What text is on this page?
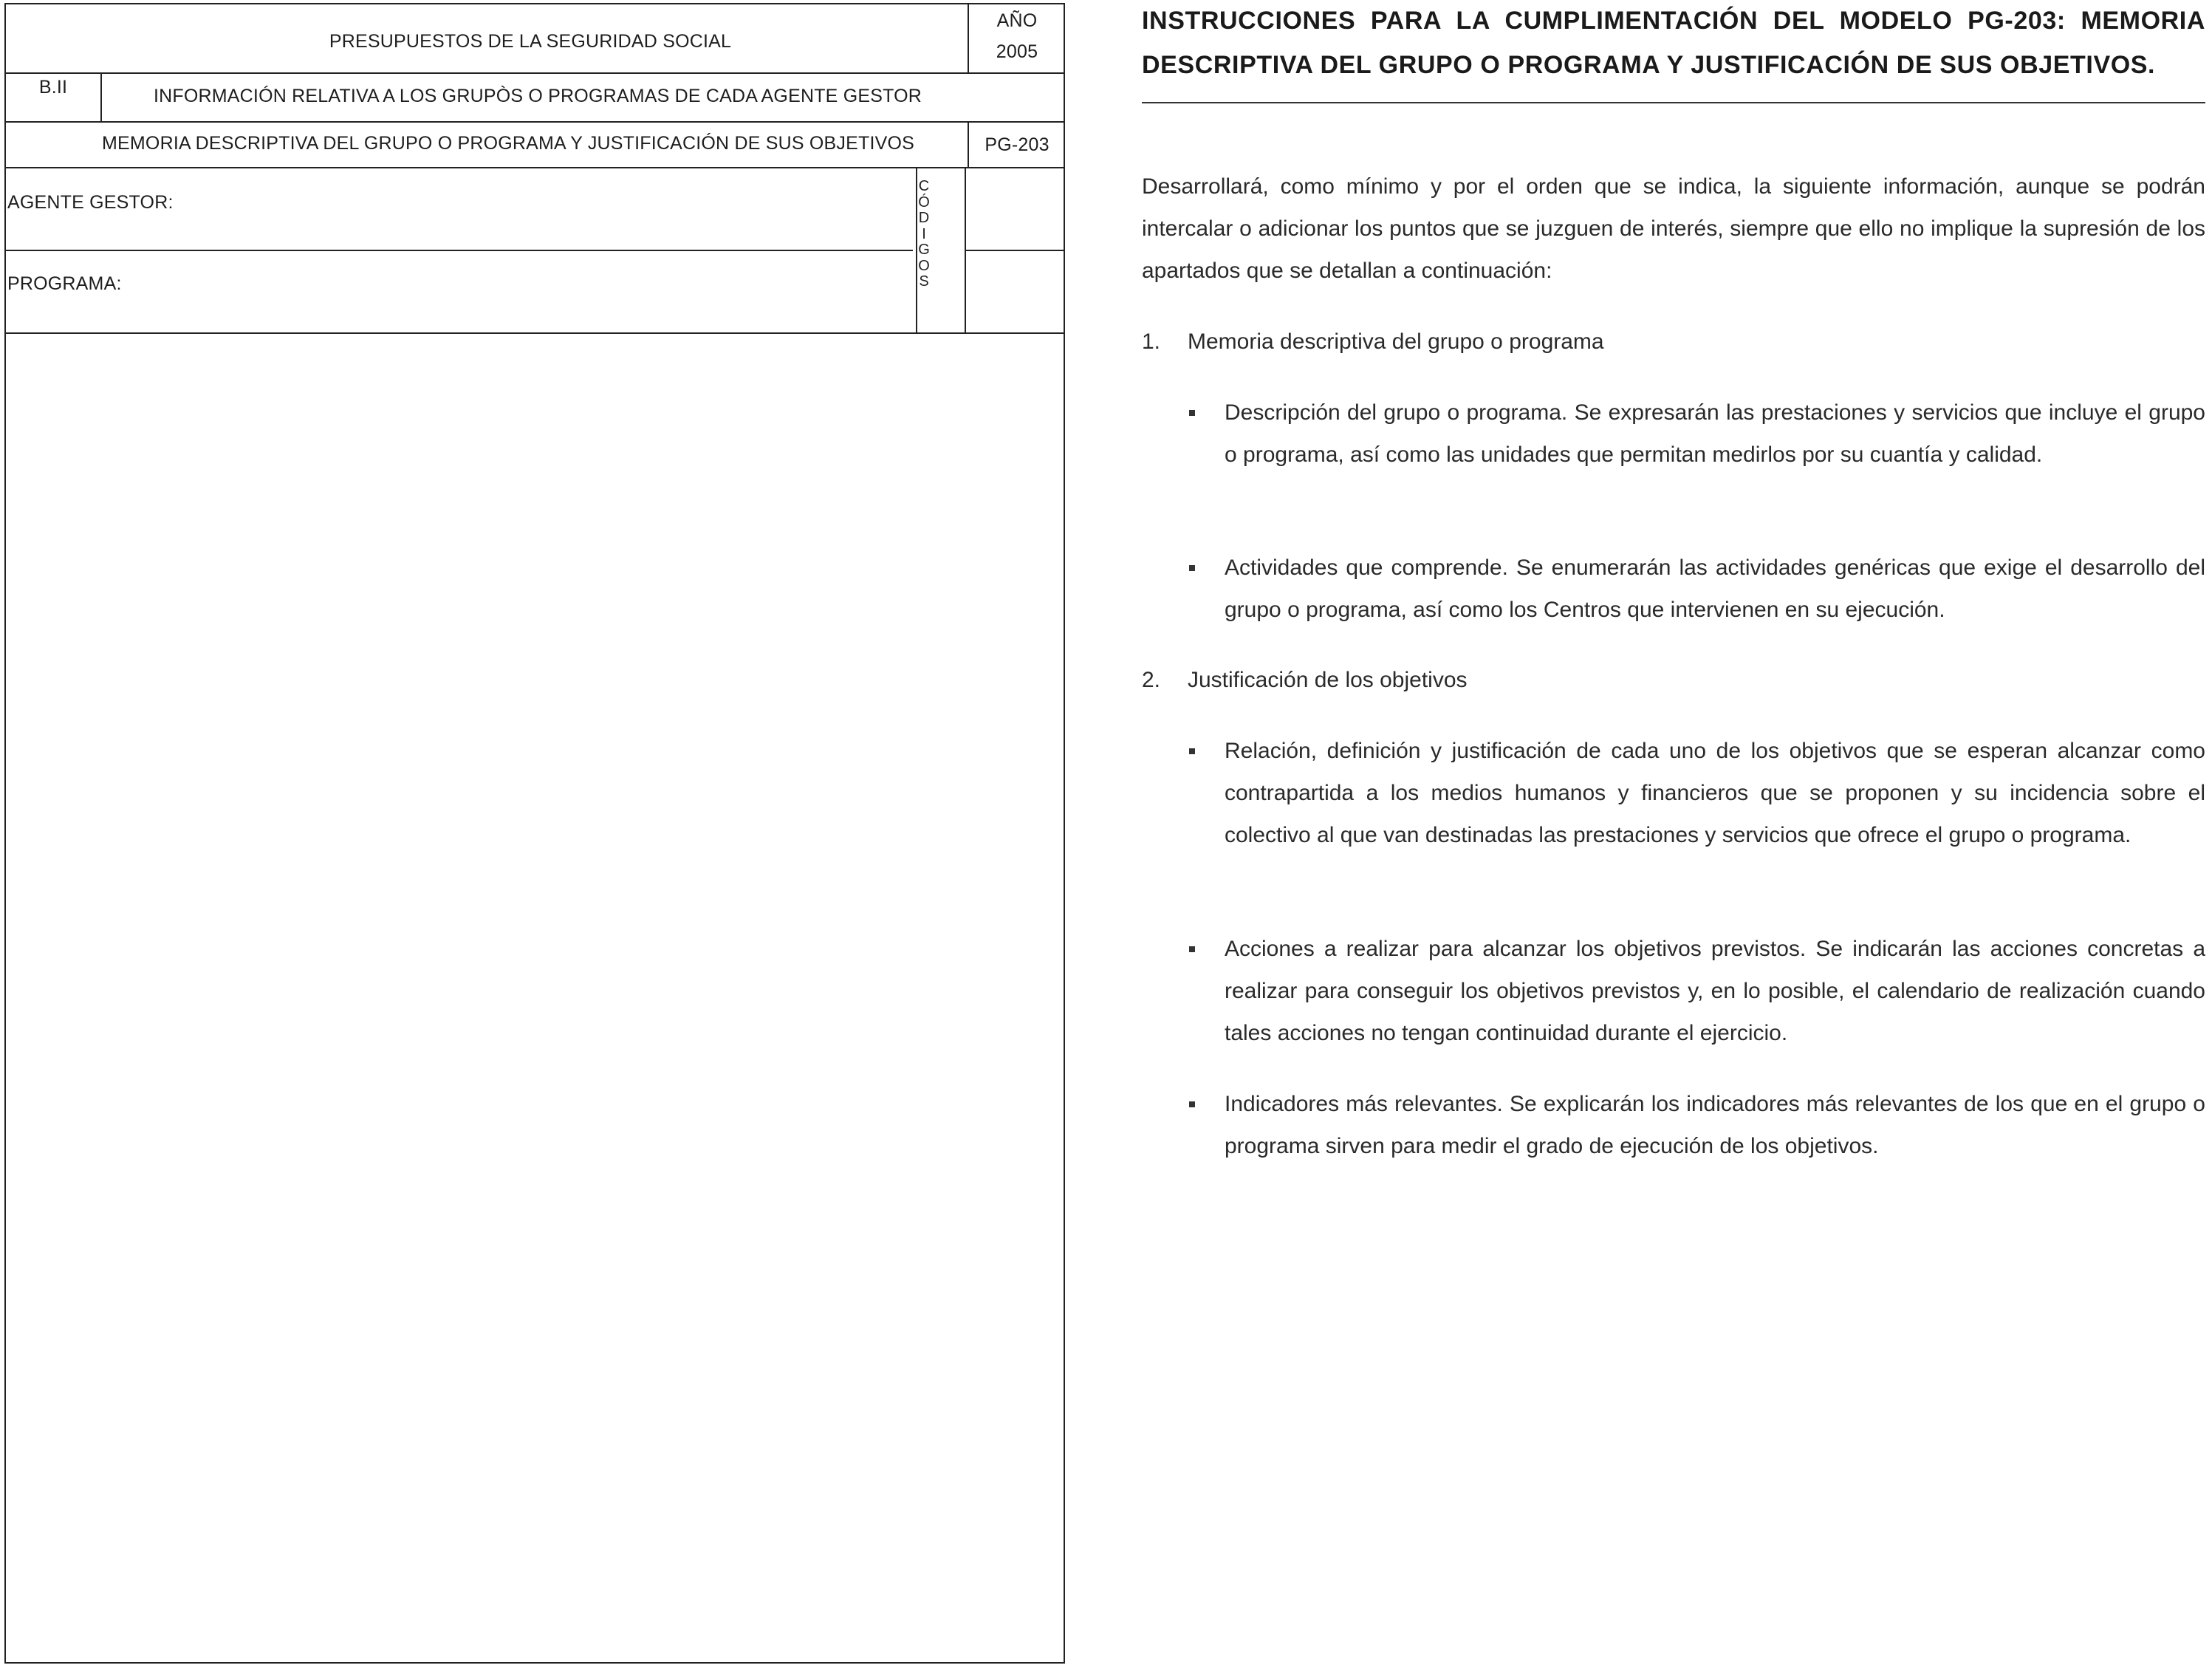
PRESUPUESTOS DE LA SEGURIDAD SOCIAL
AÑO
2005
B.II	INFORMACIÓN RELATIVA A LOS GRUPÒS O PROGRAMAS DE CADA AGENTE GESTOR
MEMORIA DESCRIPTIVA DEL GRUPO O PROGRAMA Y JUSTIFICACIÓN DE SUS OBJETIVOS	PG-203
AGENTE GESTOR:
PROGRAMA:
C
Ó
D
I
G
O
S
INSTRUCCIONES PARA LA CUMPLIMENTACIÓN DEL MODELO PG-203: MEMORIA DESCRIPTIVA DEL GRUPO O PROGRAMA Y JUSTIFICACIÓN DE SUS OBJETIVOS.
Desarrollará, como mínimo y por el orden que se indica, la siguiente información, aunque se podrán intercalar o adicionar los puntos que se juzguen de interés, siempre que ello no implique la supresión de los apartados que se detallan a continuación:
1. Memoria descriptiva del grupo o programa
Descripción del grupo o programa. Se expresarán las prestaciones y servicios que incluye el grupo o programa, así como las unidades que permitan medirlos por su cuantía y calidad.
Actividades que comprende. Se enumerarán las actividades genéricas que exige el desarrollo del grupo o programa, así como los Centros que intervienen en su ejecución.
2. Justificación de los objetivos
Relación, definición y justificación de cada uno de los objetivos que se esperan alcanzar como contrapartida a los medios humanos y financieros que se proponen y su incidencia sobre el colectivo al que van destinadas las prestaciones y servicios que ofrece el grupo o programa.
Acciones a realizar para alcanzar los objetivos previstos. Se indicarán las acciones concretas a realizar para conseguir los objetivos previstos y, en lo posible, el calendario de realización cuando tales acciones no tengan continuidad durante el ejercicio.
Indicadores más relevantes. Se explicarán los indicadores más relevantes de los que en el grupo o programa sirven para medir el grado de ejecución de los objetivos.
